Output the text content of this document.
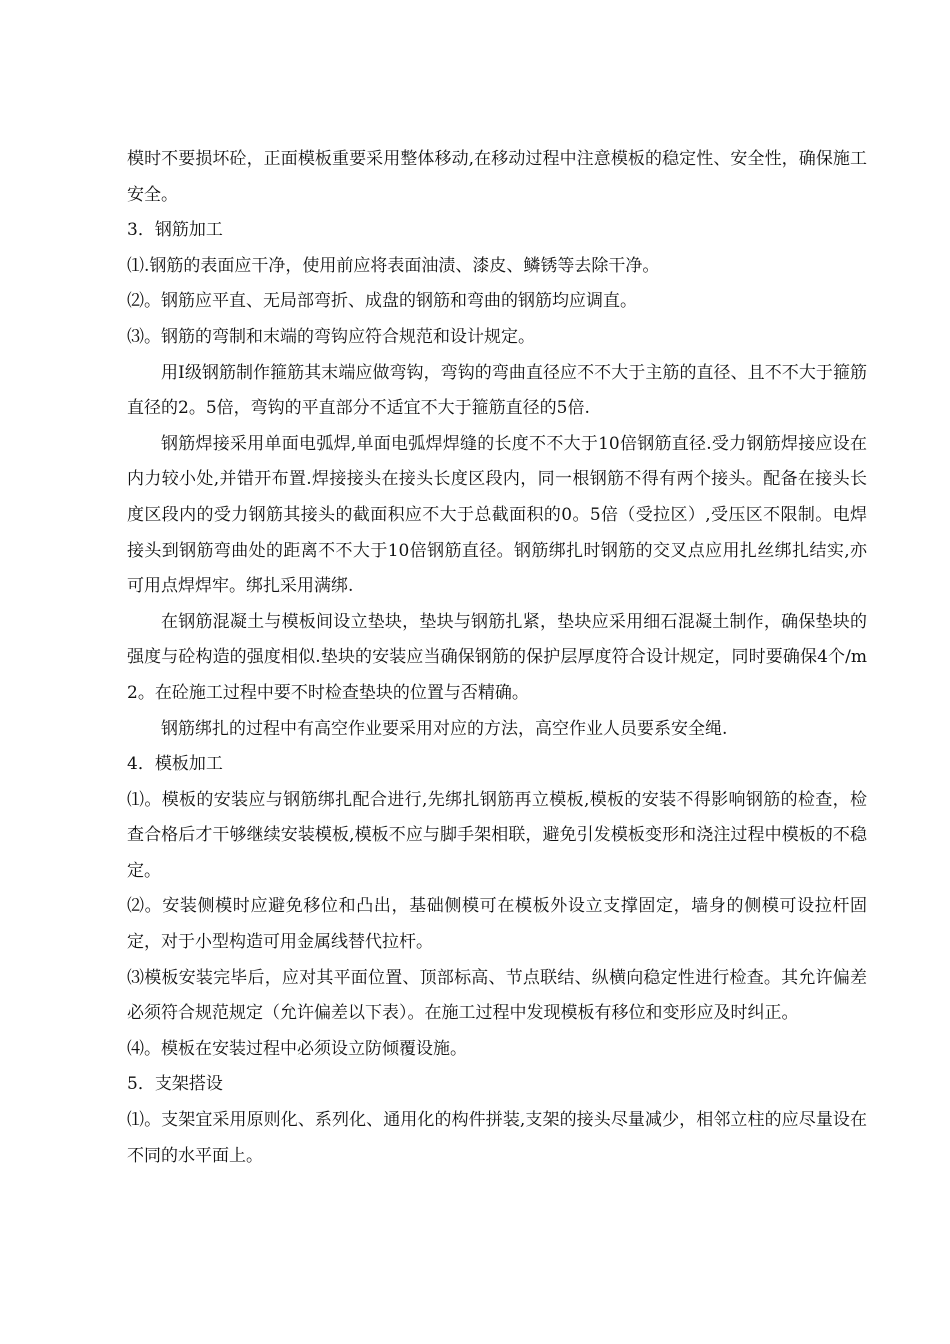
模时不要损坏砼，正面模板重要采用整体移动,在移动过程中注意模板的稳定性、安全性，确保施工安全。

3．钢筋加工

⑴.钢筋的表面应干净，使用前应将表面油渍、漆皮、鳞锈等去除干净。

⑵。钢筋应平直、无局部弯折、成盘的钢筋和弯曲的钢筋均应调直。

⑶。钢筋的弯制和末端的弯钩应符合规范和设计规定。

用Ⅰ级钢筋制作箍筋其末端应做弯钩，弯钩的弯曲直径应不不大于主筋的直径、且不不大于箍筋直径的2。5倍，弯钩的平直部分不适宜不大于箍筋直径的5倍.

钢筋焊接采用单面电弧焊,单面电弧焊焊缝的长度不不大于10倍钢筋直径.受力钢筋焊接应设在内力较小处,并错开布置.焊接接头在接头长度区段内，同一根钢筋不得有两个接头。配备在接头长度区段内的受力钢筋其接头的截面积应不大于总截面积的0。5倍（受拉区）,受压区不限制。电焊接头到钢筋弯曲处的距离不不大于10倍钢筋直径。钢筋绑扎时钢筋的交叉点应用扎丝绑扎结实,亦可用点焊焊牢。绑扎采用满绑.

在钢筋混凝土与模板间设立垫块，垫块与钢筋扎紧，垫块应采用细石混凝土制作，确保垫块的强度与砼构造的强度相似.垫块的安装应当确保钢筋的保护层厚度符合设计规定，同时要确保4个/m2。在砼施工过程中要不时检查垫块的位置与否精确。

钢筋绑扎的过程中有高空作业要采用对应的方法，高空作业人员要系安全绳.

4．模板加工

⑴。模板的安装应与钢筋绑扎配合进行,先绑扎钢筋再立模板,模板的安装不得影响钢筋的检查，检查合格后才干够继续安装模板,模板不应与脚手架相联，避免引发模板变形和浇注过程中模板的不稳定。

⑵。安装侧模时应避免移位和凸出，基础侧模可在模板外设立支撑固定，墙身的侧模可设拉杆固定，对于小型构造可用金属线替代拉杆。

⑶模板安装完毕后，应对其平面位置、顶部标高、节点联结、纵横向稳定性进行检查。其允许偏差必须符合规范规定（允许偏差以下表）。在施工过程中发现模板有移位和变形应及时纠正。

⑷。模板在安装过程中必须设立防倾覆设施。

5．支架搭设

⑴。支架宜采用原则化、系列化、通用化的构件拼装,支架的接头尽量减少，相邻立柱的应尽量设在不同的水平面上。
